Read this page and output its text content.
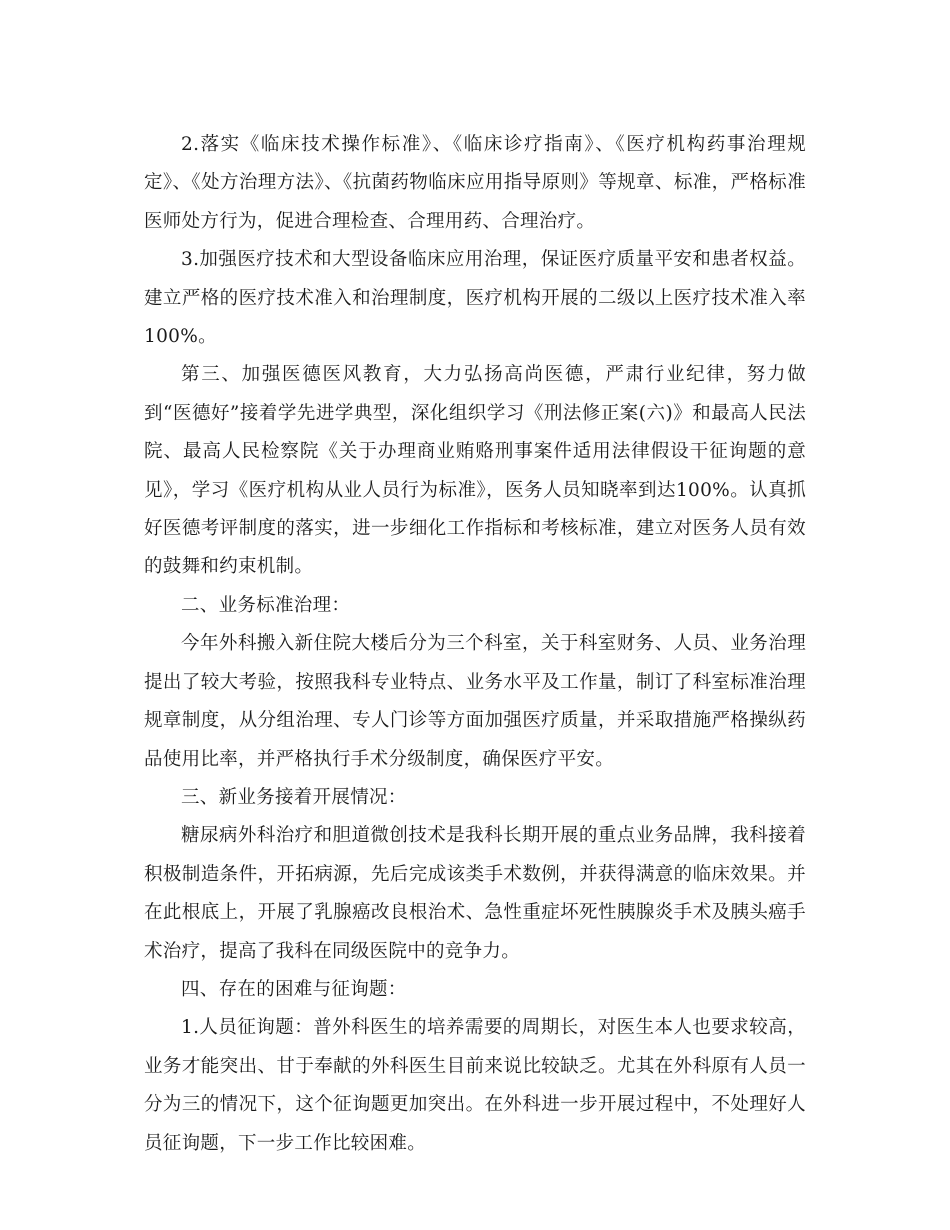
2.落实《临床技术操作标准》、《临床诊疗指南》、《医疗机构药事治理规定》、《处方治理方法》、《抗菌药物临床应用指导原则》等规章、标准，严格标准医师处方行为，促进合理检查、合理用药、合理治疗。

3.加强医疗技术和大型设备临床应用治理，保证医疗质量平安和患者权益。建立严格的医疗技术准入和治理制度，医疗机构开展的二级以上医疗技术准入率100%。

第三、加强医德医风教育，大力弘扬高尚医德，严肃行业纪律，努力做到“医德好”接着学先进学典型，深化组织学习《刑法修正案(六)》和最高人民法院、最高人民检察院《关于办理商业贿赂刑事案件适用法律假设干征询题的意见》，学习《医疗机构从业人员行为标准》，医务人员知晓率到达100%。认真抓好医德考评制度的落实，进一步细化工作指标和考核标准，建立对医务人员有效的鼓舞和约束机制。

二、业务标准治理：

今年外科搬入新住院大楼后分为三个科室，关于科室财务、人员、业务治理提出了较大考验，按照我科专业特点、业务水平及工作量，制订了科室标准治理规章制度，从分组治理、专人门诊等方面加强医疗质量，并采取措施严格操纵药品使用比率，并严格执行手术分级制度，确保医疗平安。

三、新业务接着开展情况：

糖尿病外科治疗和胆道微创技术是我科长期开展的重点业务品牌，我科接着积极制造条件，开拓病源，先后完成该类手术数例，并获得满意的临床效果。并在此根底上，开展了乳腺癌改良根治术、急性重症坏死性胰腺炎手术及胰头癌手术治疗，提高了我科在同级医院中的竞争力。

四、存在的困难与征询题：

1.人员征询题：普外科医生的培养需要的周期长，对医生本人也要求较高，业务才能突出、甘于奉献的外科医生目前来说比较缺乏。尤其在外科原有人员一分为三的情况下，这个征询题更加突出。在外科进一步开展过程中，不处理好人员征询题，下一步工作比较困难。
